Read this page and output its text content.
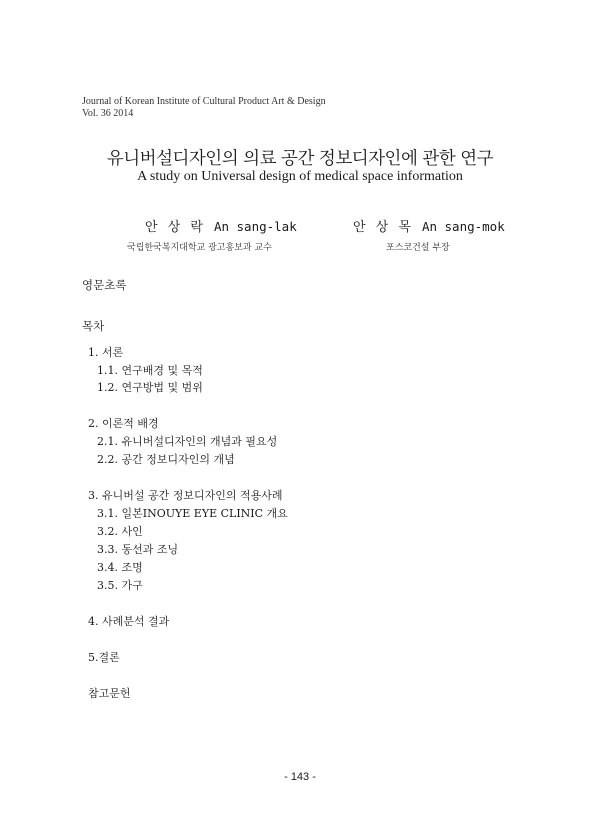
Journal of Korean Institute of Cultural Product Art & Design
Vol. 36 2014
유니버설디자인의 의료 공간 정보디자인에 관한 연구
A study on Universal design of medical space information
안 상 락 An sang-lak
국립한국복지대학교 광고홍보과 교수
안 상 목 An sang-mok
포스코건설 부장
영문초록
목차
1. 서론
1.1. 연구배경 및 목적
1.2. 연구방법 및 범위
2. 이론적 배경
2.1. 유니버설디자인의 개념과 필요성
2.2. 공간 정보디자인의 개념
3. 유니버설 공간 정보디자인의 적용사례
3.1. 일본INOUYE EYE CLINIC 개요
3.2. 사인
3.3. 동선과 조닝
3.4. 조명
3.5. 가구
4. 사례분석 결과
5.결론
참고문헌
- 143 -
